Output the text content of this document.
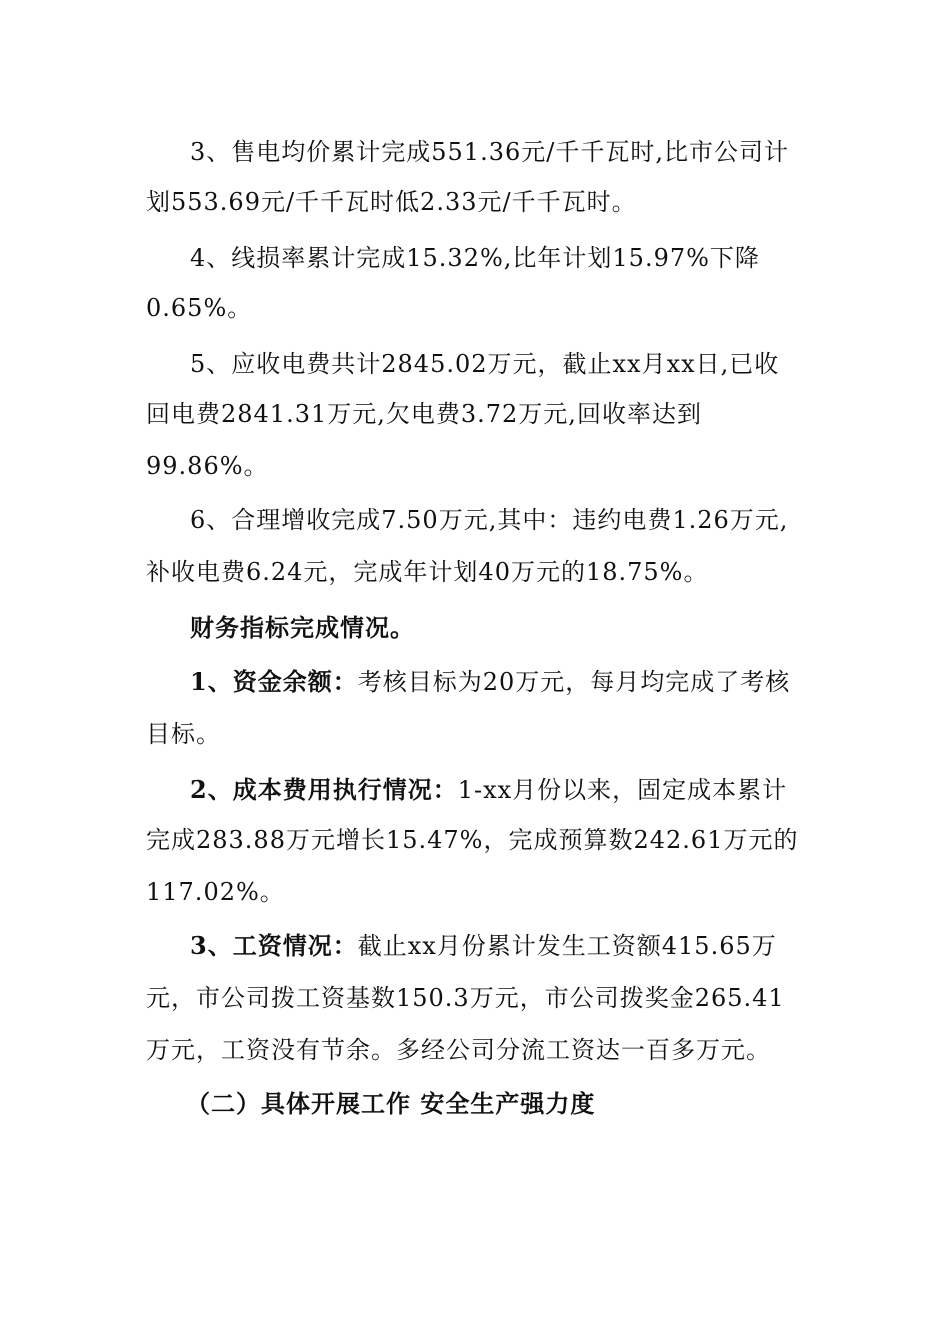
3、售电均价累计完成551.36元/千千瓦时,比市公司计
划553.69元/千千瓦时低2.33元/千千瓦时。
4、线损率累计完成15.32%,比年计划15.97%下降
0.65%。
5、应收电费共计2845.02万元，截止xx月xx日,已收
回电费2841.31万元,欠电费3.72万元,回收率达到
99.86%。
6、合理增收完成7.50万元,其中：违约电费1.26万元,
补收电费6.24元，完成年计划40万元的18.75%。
财务指标完成情况。
1、资金余额：考核目标为20万元，每月均完成了考核
目标。
2、成本费用执行情况：1-xx月份以来，固定成本累计
完成283.88万元增长15.47%，完成预算数242.61万元的
117.02%。
3、工资情况：截止xx月份累计发生工资额415.65万
元，市公司拨工资基数150.3万元，市公司拨奖金265.41
万元，工资没有节余。多经公司分流工资达一百多万元。
（二）具体开展工作 安全生产强力度
